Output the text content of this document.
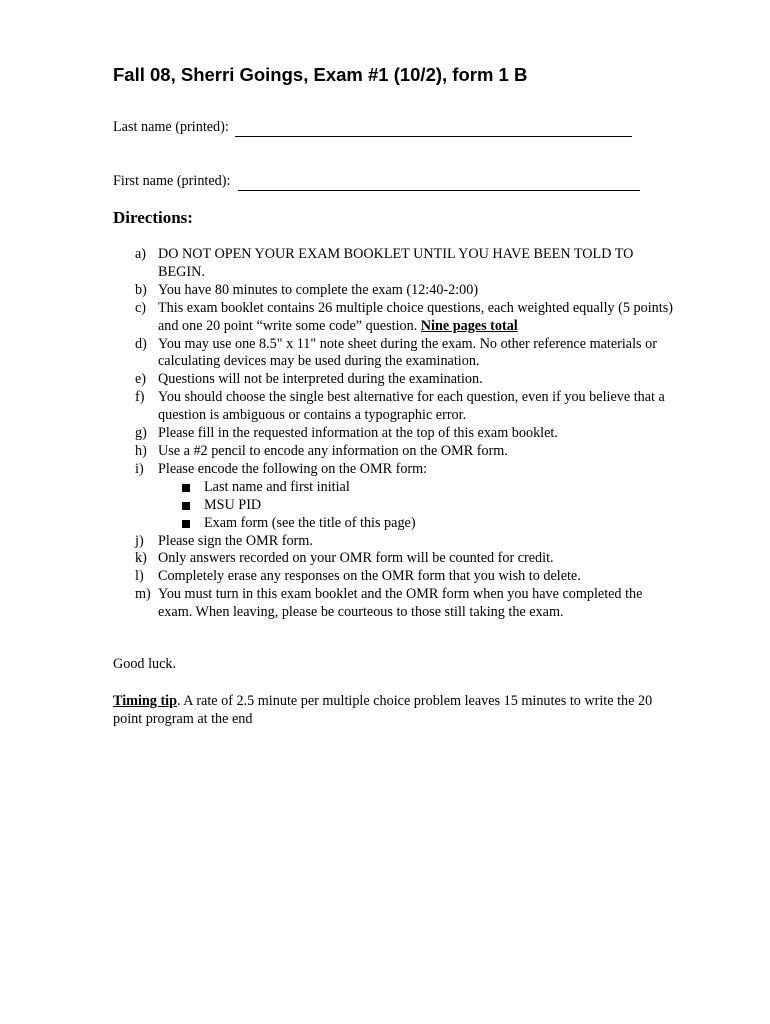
Fall 08, Sherri Goings, Exam #1 (10/2), form 1 B
Last name (printed):
First name (printed):
Directions:
a) DO NOT OPEN YOUR EXAM BOOKLET UNTIL YOU HAVE BEEN TOLD TO BEGIN.
b) You have 80 minutes to complete the exam (12:40-2:00)
c) This exam booklet contains 26 multiple choice questions, each weighted equally (5 points) and one 20 point “write some code” question. Nine pages total
d) You may use one 8.5" x 11" note sheet during the exam. No other reference materials or calculating devices may be used during the examination.
e) Questions will not be interpreted during the examination.
f) You should choose the single best alternative for each question, even if you believe that a question is ambiguous or contains a typographic error.
g) Please fill in the requested information at the top of this exam booklet.
h) Use a #2 pencil to encode any information on the OMR form.
i)	Please encode the following on the OMR form:
Last name and first initial
MSU PID
Exam form (see the title of this page)
j)	Please sign the OMR form.
k) Only answers recorded on your OMR form will be counted for credit.
l)	Completely erase any responses on the OMR form that you wish to delete.
m) You must turn in this exam booklet and the OMR form when you have completed the exam. When leaving, please be courteous to those still taking the exam.
Good luck.
Timing tip. A rate of 2.5 minute per multiple choice problem leaves 15 minutes to write the 20 point program at the end
